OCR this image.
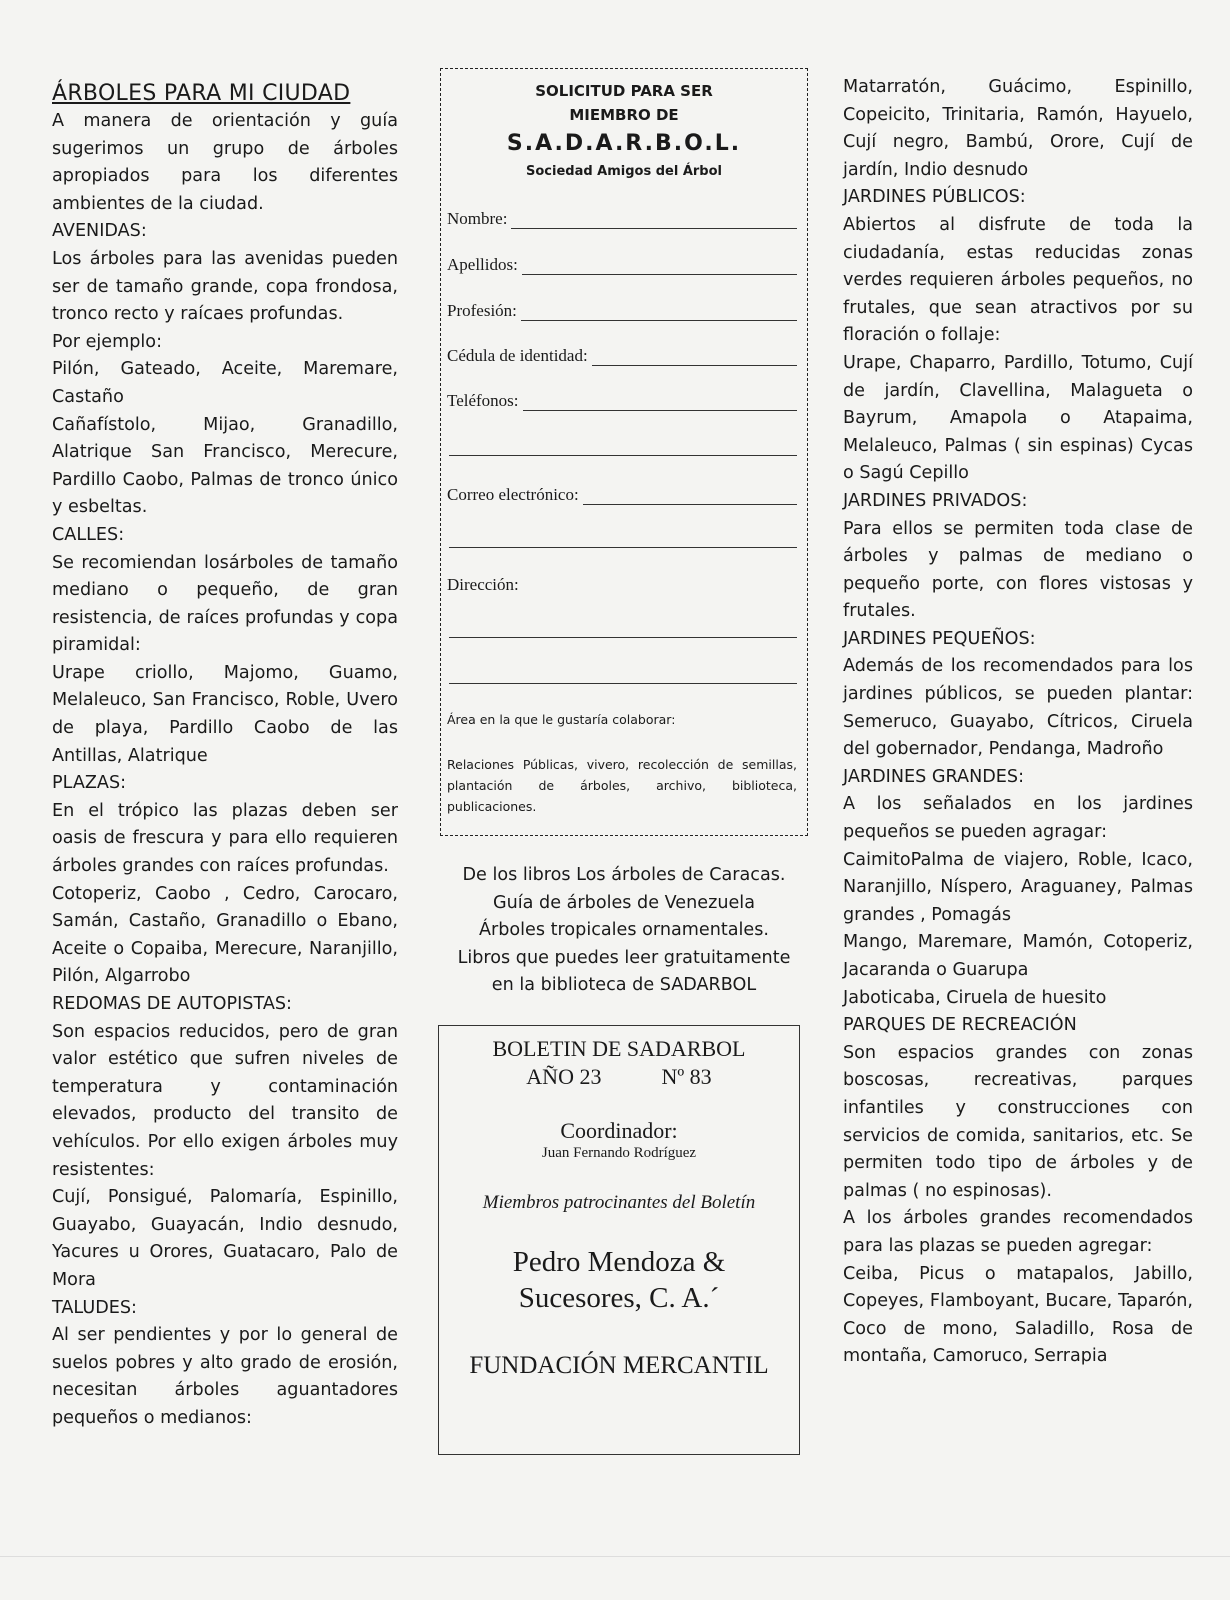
ÁRBOLES PARA MI CIUDAD

A manera de orientación y guía sugerimos un grupo de árboles apropiados para los diferentes ambientes de la ciudad.

AVENIDAS:

Los árboles para las avenidas pueden ser de tamaño grande, copa frondosa, tronco recto y raícaes profundas.

Por ejemplo:

Pilón, Gateado, Aceite, Maremare, Castaño

Cañafístolo, Mijao, Granadillo, Alatrique San Francisco, Merecure, Pardillo Caobo, Palmas de tronco único y esbeltas.

CALLES:

Se recomiendan losárboles de tamaño mediano o pequeño, de gran resistencia, de raíces profundas y copa piramidal:

Urape criollo, Majomo, Guamo, Melaleuco, San Francisco, Roble, Uvero de playa, Pardillo Caobo de las Antillas, Alatrique

PLAZAS:

En el trópico las plazas deben ser oasis de frescura y para ello requieren árboles grandes con raíces profundas.

Cotoperiz, Caobo , Cedro, Carocaro, Samán, Castaño, Granadillo o Ebano, Aceite o Copaiba, Merecure, Naranjillo, Pilón, Algarrobo

REDOMAS DE AUTOPISTAS:

Son espacios reducidos, pero de gran valor estético que sufren niveles de temperatura y contaminación elevados, producto del transito de vehículos. Por ello exigen árboles muy resistentes:

Cují, Ponsigué, Palomaría, Espinillo, Guayabo, Guayacán, Indio desnudo, Yacures u Orores, Guatacaro, Palo de Mora

TALUDES:

Al ser pendientes y por lo general de suelos pobres y alto grado de erosión, necesitan árboles aguantadores pequeños o medianos:

SOLICITUD PARA SER
MIEMBRO DE
S.A.D.A.R.B.O.L.
Sociedad Amigos del Árbol
Nombre:
Apellidos:
Profesión:
Cédula de identidad:
Teléfonos:
Correo electrónico:
Dirección:
Área en la que le gustaría colaborar:
Relaciones Públicas, vivero, recolección de semillas, plantación de árboles, archivo, biblioteca, publicaciones.

De los libros Los árboles de Caracas.

Guía de árboles de Venezuela

Árboles tropicales ornamentales.

Libros que puedes leer gratuitamente

en la biblioteca de SADARBOL

BOLETIN DE SADARBOL
AÑO 23	Nº 83
Coordinador:
Juan Fernando Rodríguez
Miembros patrocinantes del Boletín
Pedro Mendoza &
Sucesores, C. A.´
FUNDACIÓN MERCANTIL

Matarratón, Guácimo, Espinillo, Copeicito, Trinitaria, Ramón, Hayuelo, Cují negro, Bambú, Orore, Cují de jardín, Indio desnudo

JARDINES PÚBLICOS:

Abiertos al disfrute de toda la ciudadanía, estas reducidas zonas verdes requieren árboles pequeños, no frutales, que sean atractivos por su floración o follaje:

Urape, Chaparro, Pardillo, Totumo, Cují de jardín, Clavellina, Malagueta o Bayrum, Amapola o Atapaima, Melaleuco, Palmas ( sin espinas) Cycas o Sagú Cepillo

JARDINES PRIVADOS:

Para ellos se permiten toda clase de árboles y palmas de mediano o pequeño porte, con flores vistosas y frutales.

JARDINES PEQUEÑOS:

Además de los recomendados para los jardines públicos, se pueden plantar: Semeruco, Guayabo, Cítricos, Ciruela del gobernador, Pendanga, Madroño

JARDINES GRANDES:

A los señalados en los jardines pequeños se pueden agragar:

CaimitoPalma de viajero, Roble, Icaco, Naranjillo, Níspero, Araguaney, Palmas grandes , Pomagás

Mango, Maremare, Mamón, Cotoperiz, Jacaranda o Guarupa

Jaboticaba, Ciruela de huesito

PARQUES DE RECREACIÓN

Son espacios grandes con zonas boscosas, recreativas, parques infantiles y construcciones con servicios de comida, sanitarios, etc. Se permiten todo tipo de árboles y de palmas ( no espinosas).

A los árboles grandes recomendados para las plazas se pueden agregar:

Ceiba, Picus o matapalos, Jabillo, Copeyes, Flamboyant, Bucare, Taparón, Coco de mono, Saladillo, Rosa de montaña, Camoruco, Serrapia
